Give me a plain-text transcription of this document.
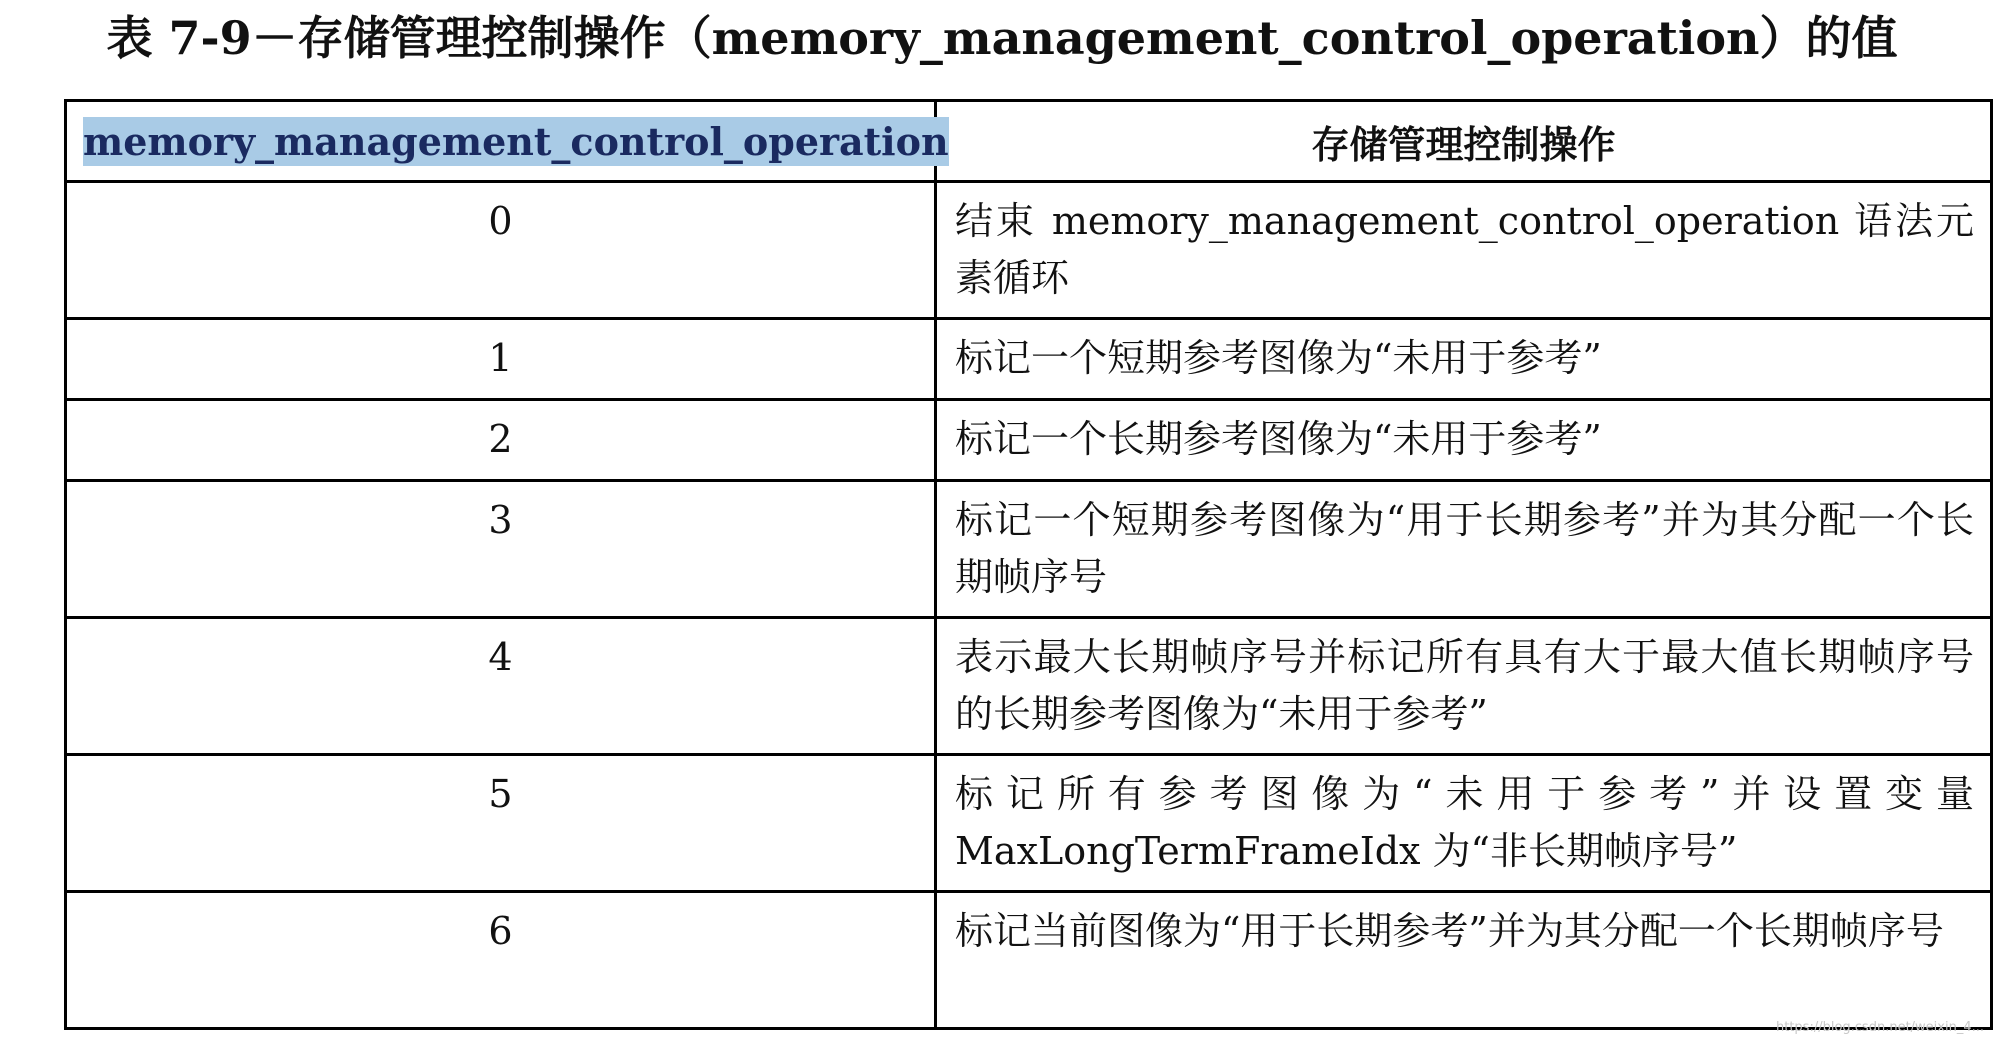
表 7-9－存储管理控制操作（memory_management_control_operation）的值
memory_management_control_operation	存储管理控制操作
0	结束 memory_management_control_operation 语法元素循环
1	标记一个短期参考图像为“未用于参考”
2	标记一个长期参考图像为“未用于参考”
3	标记一个短期参考图像为“用于长期参考”并为其分配一个长期帧序号
4	表示最大长期帧序号并标记所有具有大于最大值长期帧序号的长期参考图像为“未用于参考”
5	标记所有参考图像为“未用于参考”并设置变量 MaxLongTermFrameIdx 为“非长期帧序号”
6	标记当前图像为“用于长期参考”并为其分配一个长期帧序号
https://blog.csdn.net/weixin_4...
